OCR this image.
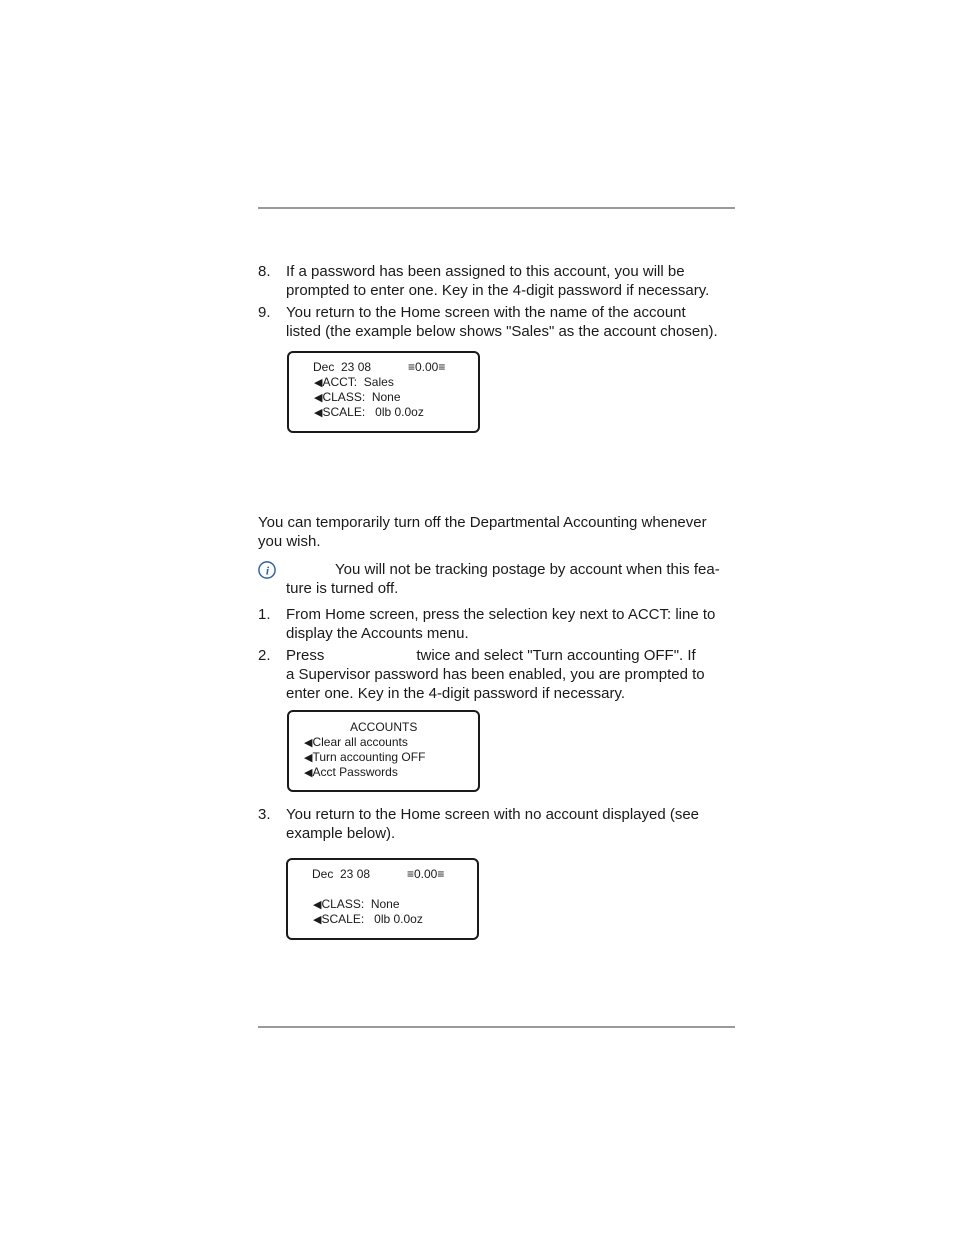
8. If a password has been assigned to this account, you will be
prompted to enter one. Key in the 4-digit password if necessary.
9. You return to the Home screen with the name of the account
listed (the example below shows "Sales" as the account chosen).
Dec  23 08	≡0.00≡
◀ACCT:  Sales
◀CLASS:  None
◀SCALE:   0lb 0.0oz
You can temporarily turn off the Departmental Accounting whenever
you wish.
i	You will not be tracking postage by account when this fea-
ture is turned off.
1. From Home screen, press the selection key next to ACCT: line to
display the Accounts menu.
2. Press	twice and select "Turn accounting OFF". If
a Supervisor password has been enabled, you are prompted to
enter one. Key in the 4-digit password if necessary.
ACCOUNTS
◀Clear all accounts
◀Turn accounting OFF
◀Acct Passwords
3. You return to the Home screen with no account displayed (see
example below).
Dec  23 08	≡0.00≡
◀CLASS:  None
◀SCALE:   0lb 0.0oz
